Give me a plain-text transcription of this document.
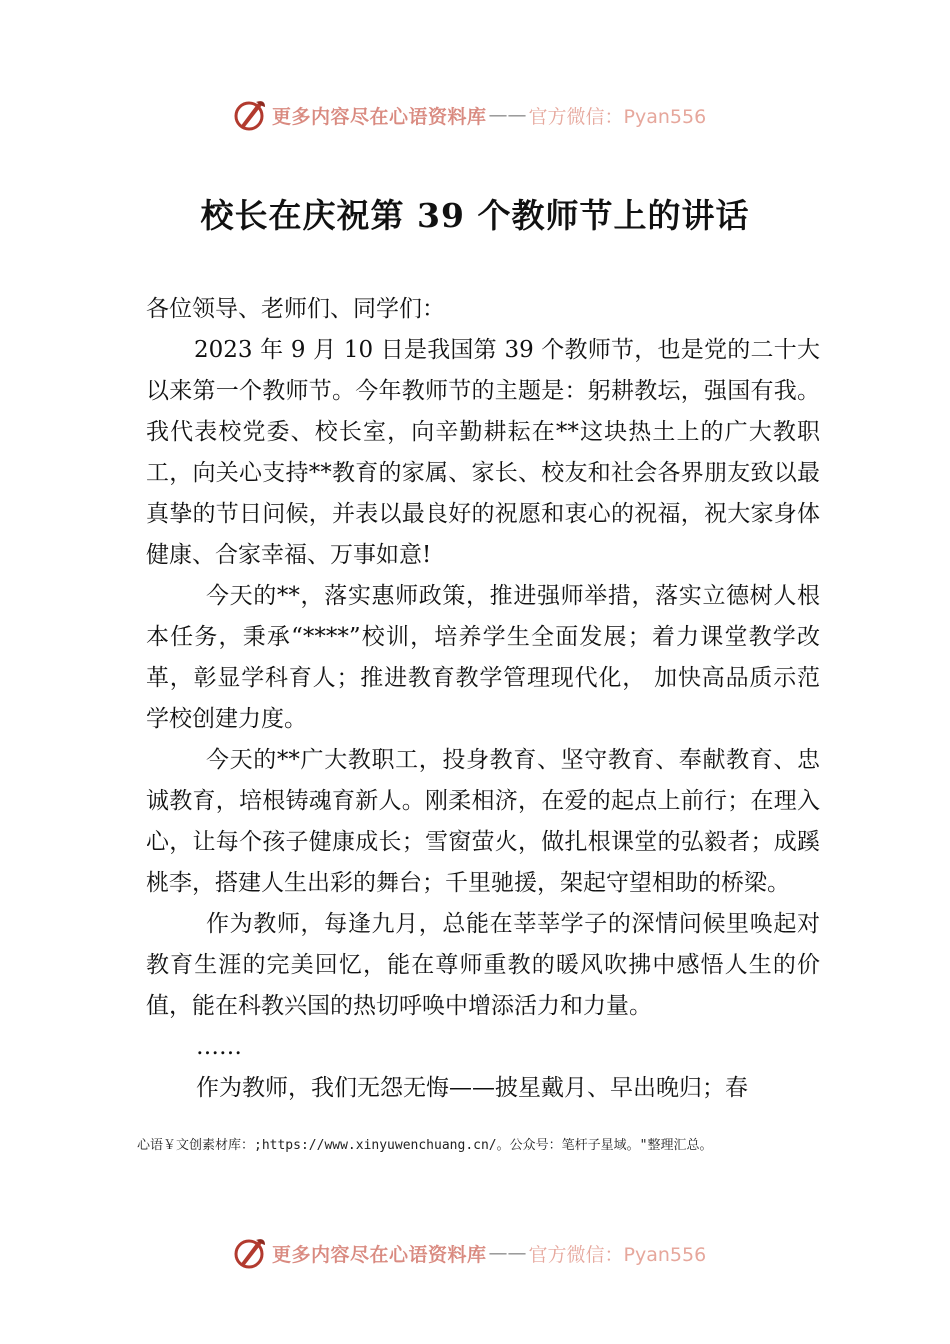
更多内容尽在心语资料库 —— 官方微信：Pyan556
校长在庆祝第 39 个教师节上的讲话

各位领导、老师们、同学们：

2023 年 9 月 10 日是我国第 39 个教师节，也是党的二十大以来第一个教师节。今年教师节的主题是：躬耕教坛，强国有我。我代表校党委、校长室，向辛勤耕耘在**这块热土上的广大教职工，向关心支持**教育的家属、家长、校友和社会各界朋友致以最真挚的节日问候，并表以最良好的祝愿和衷心的祝福，祝大家身体健康、合家幸福、万事如意!

今天的**，落实惠师政策，推进强师举措，落实立德树人根本任务，秉承“****”校训，培养学生全面发展；着力课堂教学改革，彰显学科育人；推进教育教学管理现代化， 加快高品质示范学校创建力度。

今天的**广大教职工，投身教育、坚守教育、奉献教育、忠诚教育，培根铸魂育新人。刚柔相济，在爱的起点上前行；在理入心，让每个孩子健康成长；雪窗萤火，做扎根课堂的弘毅者；成蹊桃李，搭建人生出彩的舞台；千里驰援，架起守望相助的桥梁。

作为教师，每逢九月，总能在莘莘学子的深情问候里唤起对教育生涯的完美回忆，能在尊师重教的暖风吹拂中感悟人生的价值，能在科教兴国的热切呼唤中增添活力和力量。

……

作为教师，我们无怨无悔——披星戴月、早出晚归；春

心语￥文创素材库：;https://www.xinyuwenchuang.cn/。公众号：笔杆子星域。"整理汇总。
更多内容尽在心语资料库 —— 官方微信：Pyan556
